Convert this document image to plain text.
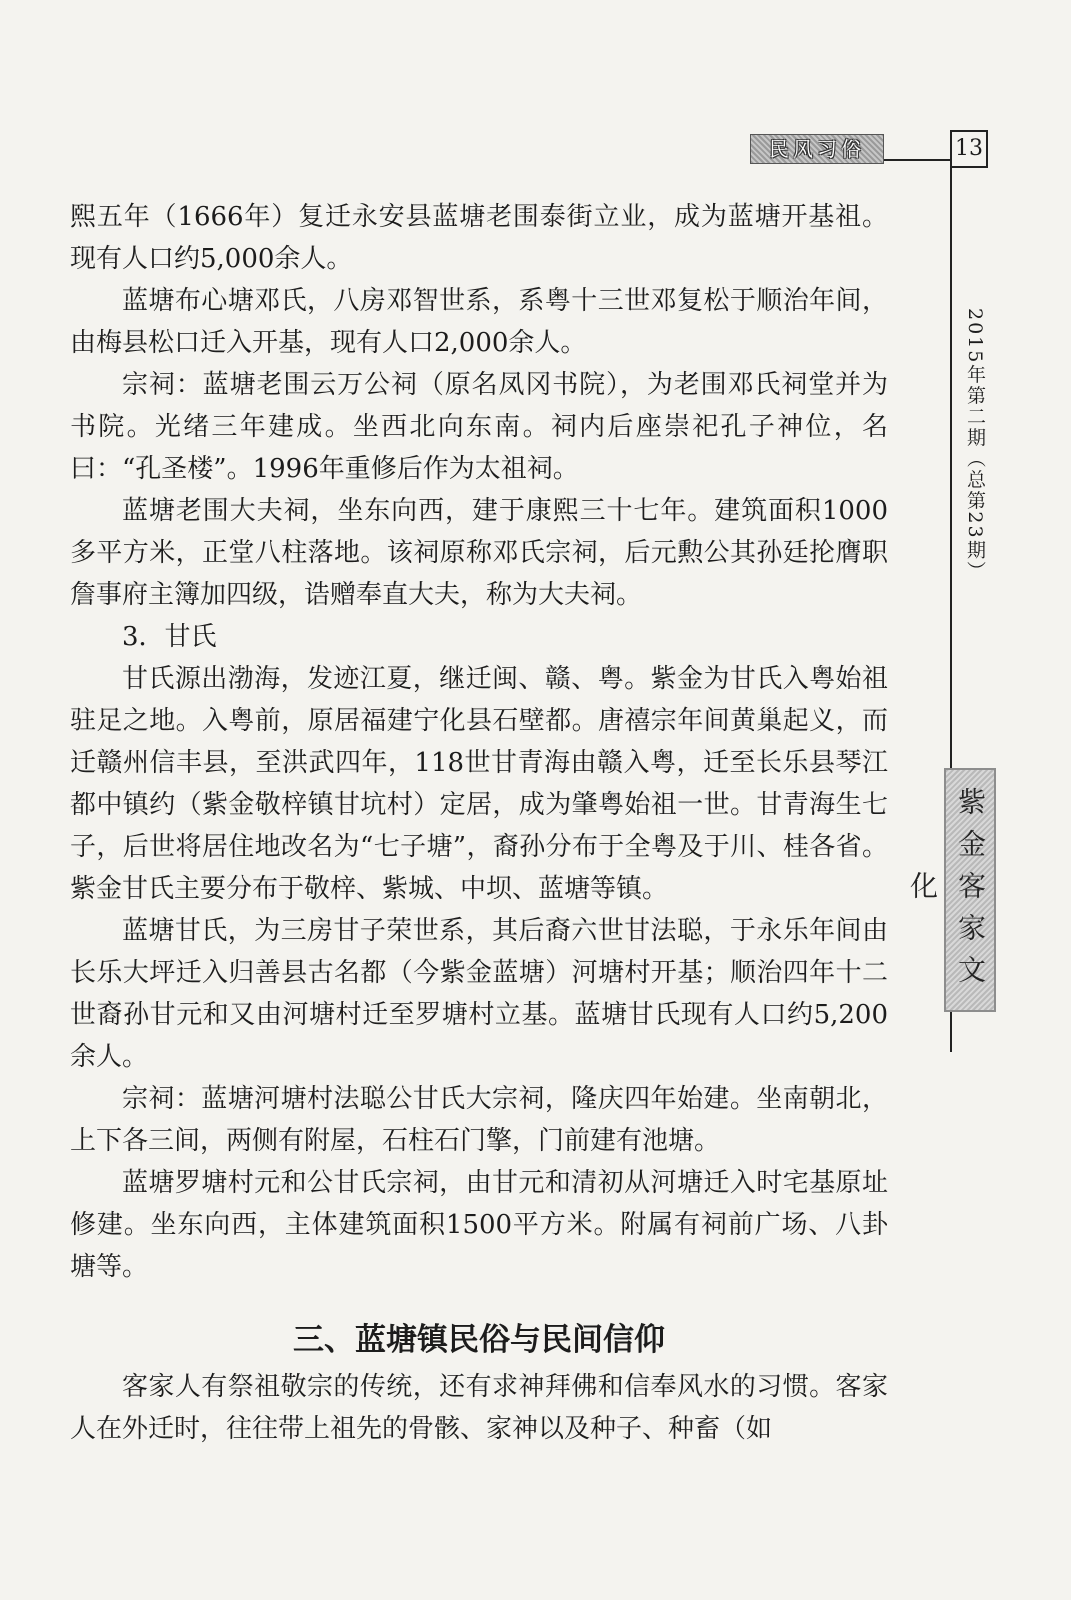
民风习俗	13
2015年第二期（总第23期）
紫金客家文化

熙五年（1666年）复迁永安县蓝塘老围泰街立业，成为蓝塘开基祖。现有人口约5,000余人。

蓝塘布心塘邓氏，八房邓智世系，系粤十三世邓复松于顺治年间，由梅县松口迁入开基，现有人口2,000余人。

宗祠：蓝塘老围云万公祠（原名凤冈书院），为老围邓氏祠堂并为书院。光绪三年建成。坐西北向东南。祠内后座崇祀孔子神位，名曰：“孔圣楼”。1996年重修后作为太祖祠。

蓝塘老围大夫祠，坐东向西，建于康熙三十七年。建筑面积1000多平方米，正堂八柱落地。该祠原称邓氏宗祠，后元勲公其孙廷抡膺职詹事府主簿加四级，诰赠奉直大夫，称为大夫祠。

3．甘氏

甘氏源出渤海，发迹江夏，继迁闽、赣、粤。紫金为甘氏入粤始祖驻足之地。入粤前，原居福建宁化县石壁都。唐禧宗年间黄巢起义，而迁赣州信丰县，至洪武四年，118世甘青海由赣入粤，迁至长乐县琴江都中镇约（紫金敬梓镇甘坑村）定居，成为肇粤始祖一世。甘青海生七子，后世将居住地改名为“七子塘”，裔孙分布于全粤及于川、桂各省。紫金甘氏主要分布于敬梓、紫城、中坝、蓝塘等镇。

蓝塘甘氏，为三房甘子荣世系，其后裔六世甘法聪，于永乐年间由长乐大坪迁入归善县古名都（今紫金蓝塘）河塘村开基；顺治四年十二世裔孙甘元和又由河塘村迁至罗塘村立基。蓝塘甘氏现有人口约5,200余人。

宗祠：蓝塘河塘村法聪公甘氏大宗祠，隆庆四年始建。坐南朝北，上下各三间，两侧有附屋，石柱石门擎，门前建有池塘。

蓝塘罗塘村元和公甘氏宗祠，由甘元和清初从河塘迁入时宅基原址修建。坐东向西，主体建筑面积1500平方米。附属有祠前广场、八卦塘等。

三、蓝塘镇民俗与民间信仰

客家人有祭祖敬宗的传统，还有求神拜佛和信奉风水的习惯。客家人在外迁时，往往带上祖先的骨骸、家神以及种子、种畜（如
